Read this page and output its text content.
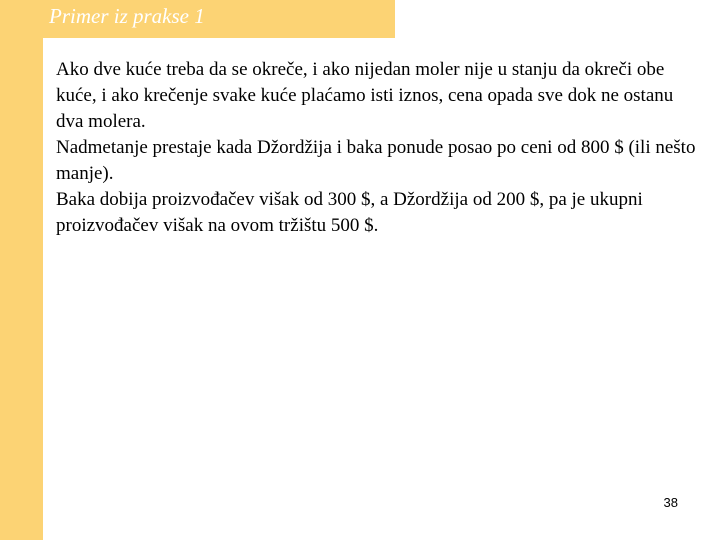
Primer iz prakse 1

Ako dve kuće treba da se okreče, i ako nijedan moler nije u stanju da okreči obe kuće, i ako krečenje svake kuće plaćamo isti iznos, cena opada sve dok ne ostanu dva molera.

Nadmetanje prestaje kada Džordžija i baka ponude posao po ceni od 800 $ (ili nešto manje).

Baka dobija proizvođačev višak od 300 $, a Džordžija od 200 $, pa je ukupni proizvođačev višak na ovom tržištu 500 $.

38
